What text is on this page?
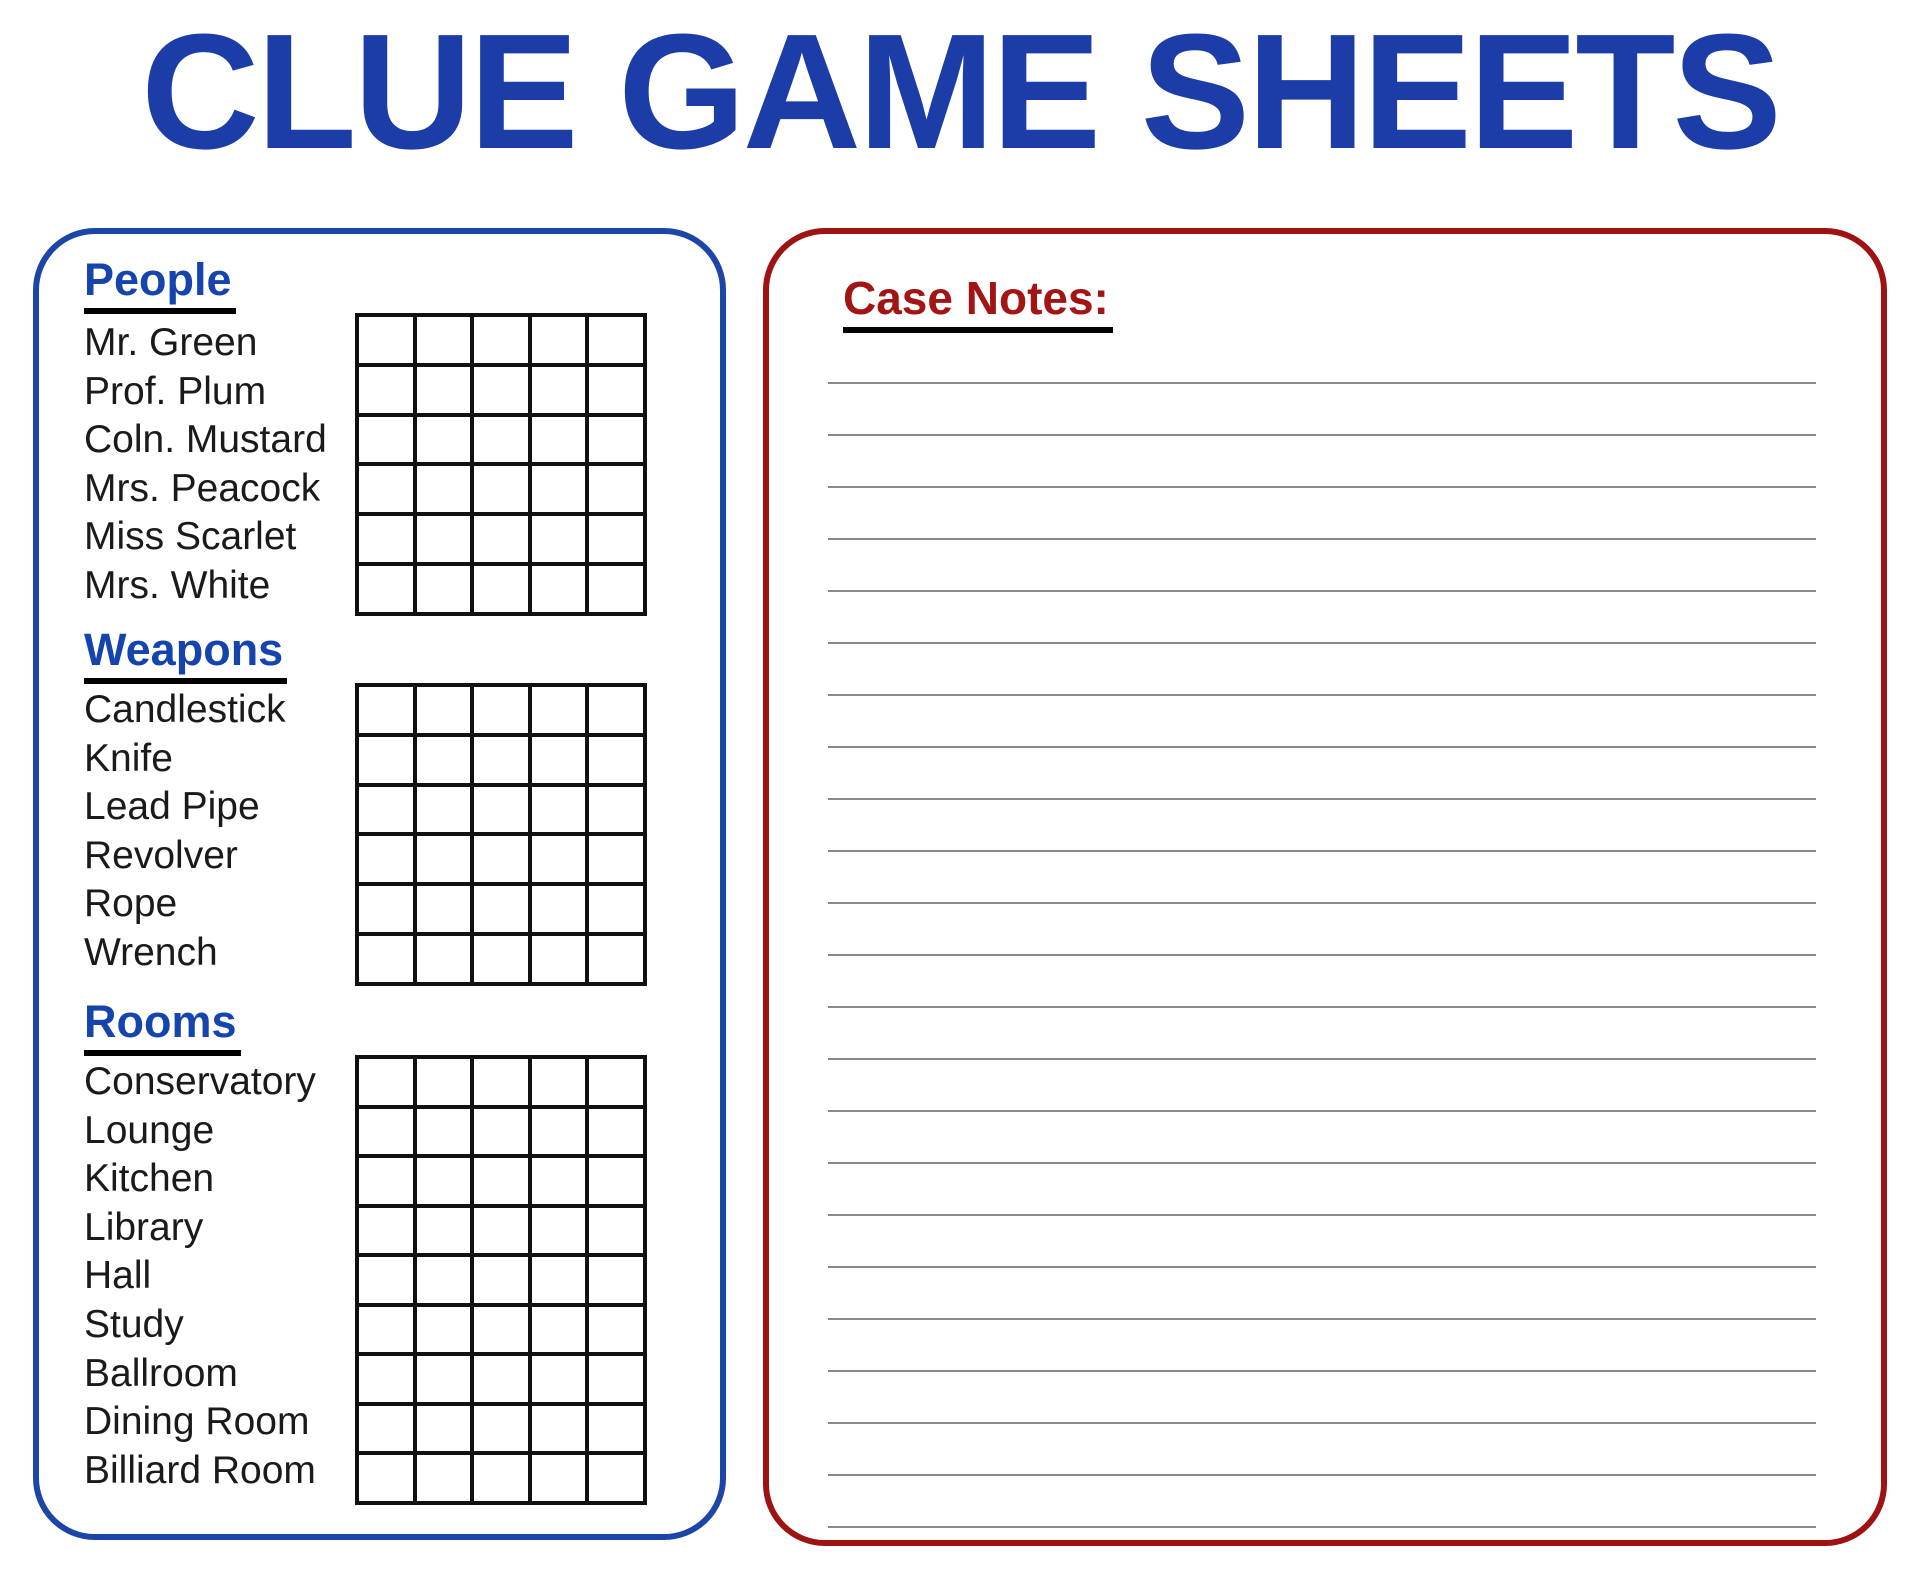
CLUE GAME SHEETS
People
Mr. Green
Prof. Plum
Coln. Mustard
Mrs. Peacock
Miss Scarlet
Mrs. White
Weapons
Candlestick
Knife
Lead Pipe
Revolver
Rope
Wrench
Rooms
Conservatory
Lounge
Kitchen
Library
Hall
Study
Ballroom
Dining Room
Billiard Room
Case Notes:
